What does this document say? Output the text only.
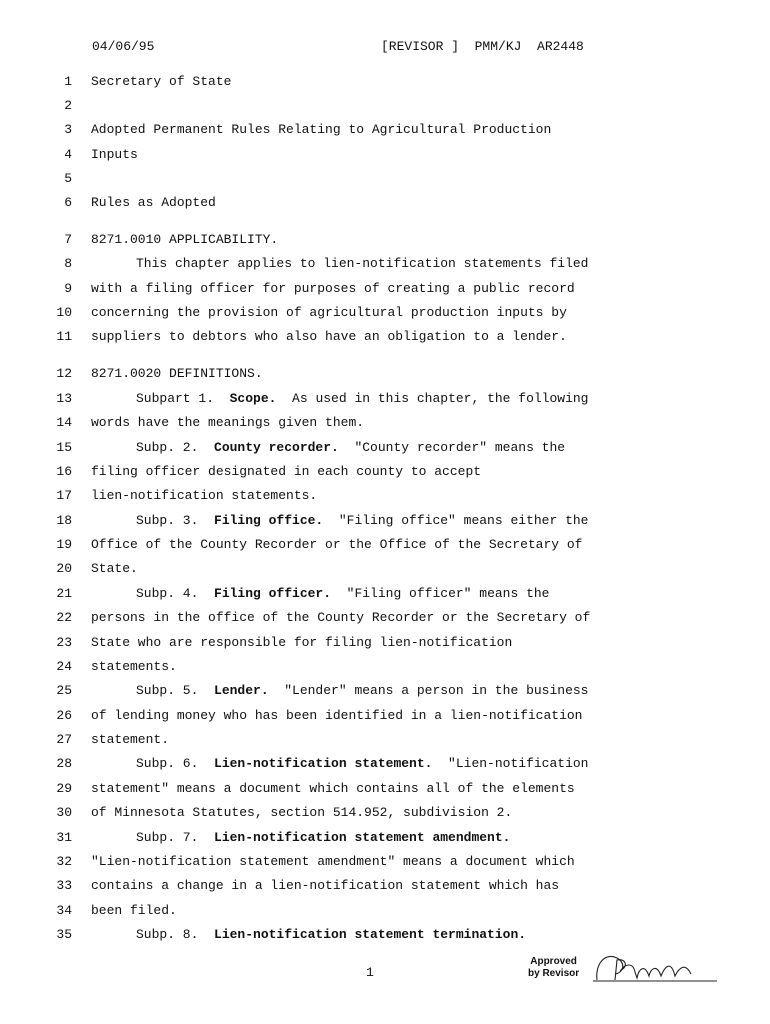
04/06/95	[REVISOR ]  PMM/KJ  AR2448
1 Secretary of State
2
3 Adopted Permanent Rules Relating to Agricultural Production
4 Inputs
5
6 Rules as Adopted
7 8271.0010 APPLICABILITY.
8	This chapter applies to lien-notification statements filed
9 with a filing officer for purposes of creating a public record
10 concerning the provision of agricultural production inputs by
11 suppliers to debtors who also have an obligation to a lender.
12 8271.0020 DEFINITIONS.
13	Subpart 1.  Scope.  As used in this chapter, the following
14 words have the meanings given them.
15	Subp. 2.  County recorder.  "County recorder" means the
16 filing officer designated in each county to accept
17 lien-notification statements.
18	Subp. 3.  Filing office.  "Filing office" means either the
19 Office of the County Recorder or the Office of the Secretary of
20 State.
21	Subp. 4.  Filing officer.  "Filing officer" means the
22 persons in the office of the County Recorder or the Secretary of
23 State who are responsible for filing lien-notification
24 statements.
25	Subp. 5.  Lender.  "Lender" means a person in the business
26 of lending money who has been identified in a lien-notification
27 statement.
28	Subp. 6.  Lien-notification statement.  "Lien-notification
29 statement" means a document which contains all of the elements
30 of Minnesota Statutes, section 514.952, subdivision 2.
31	Subp. 7.  Lien-notification statement amendment.
32 "Lien-notification statement amendment" means a document which
33 contains a change in a lien-notification statement which has
34 been filed.
35	Subp. 8.  Lien-notification statement termination.
1
Approved
by Revisor
